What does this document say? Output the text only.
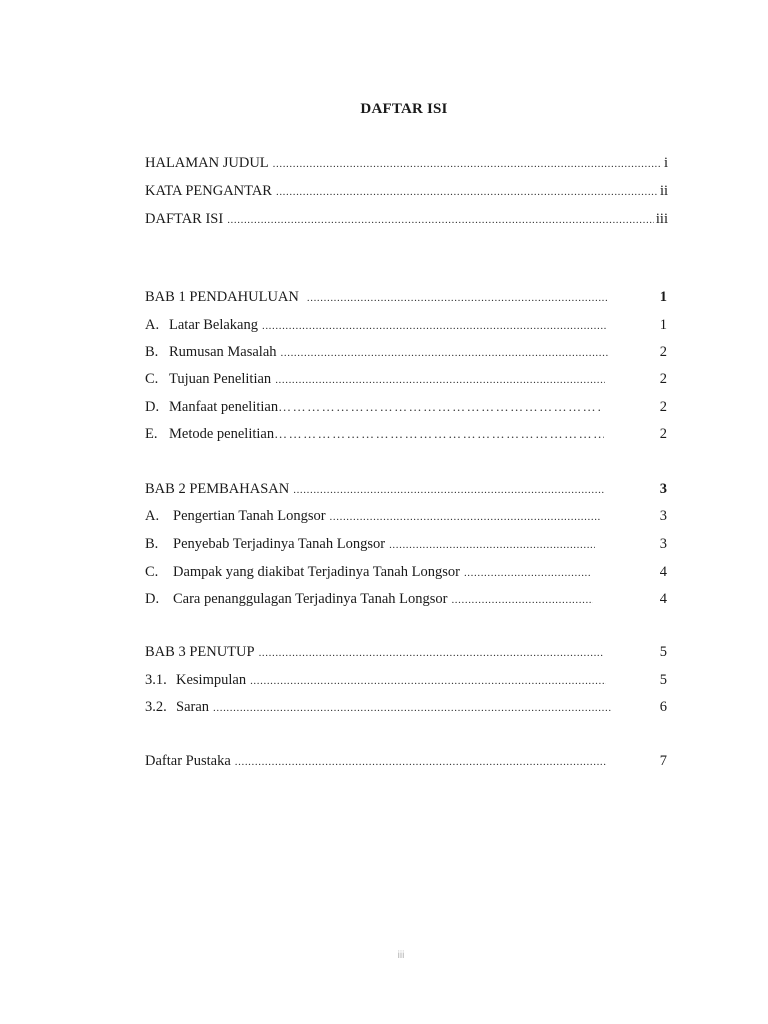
DAFTAR ISI
HALAMAN JUDUL .....	i
KATA PENGANTAR .....	ii
DAFTAR ISI .....	iii
BAB 1 PENDAHULUAN .....	1
A. Latar Belakang .....	1
B. Rumusan Masalah .....	2
C. Tujuan Penelitian .....	2
D. Manfaat penelitian …………………………………………………………………………………………………………………………………………	2
E. Metode penelitian …………………………………………………………………………………………………………………………………………	2
BAB 2 PEMBAHASAN .....	3
A. Pengertian Tanah Longsor .....	3
B.	Penyebab Terjadinya Tanah Longsor .....	3
C.	Dampak yang diakibat Terjadinya Tanah Longsor .....	4
D. Cara penanggulagan Terjadinya Tanah Longsor .....	4
BAB 3 PENUTUP .....	5
3.1. Kesimpulan .....	5
3.2. Saran .....	6
Daftar Pustaka .....	7
iii
